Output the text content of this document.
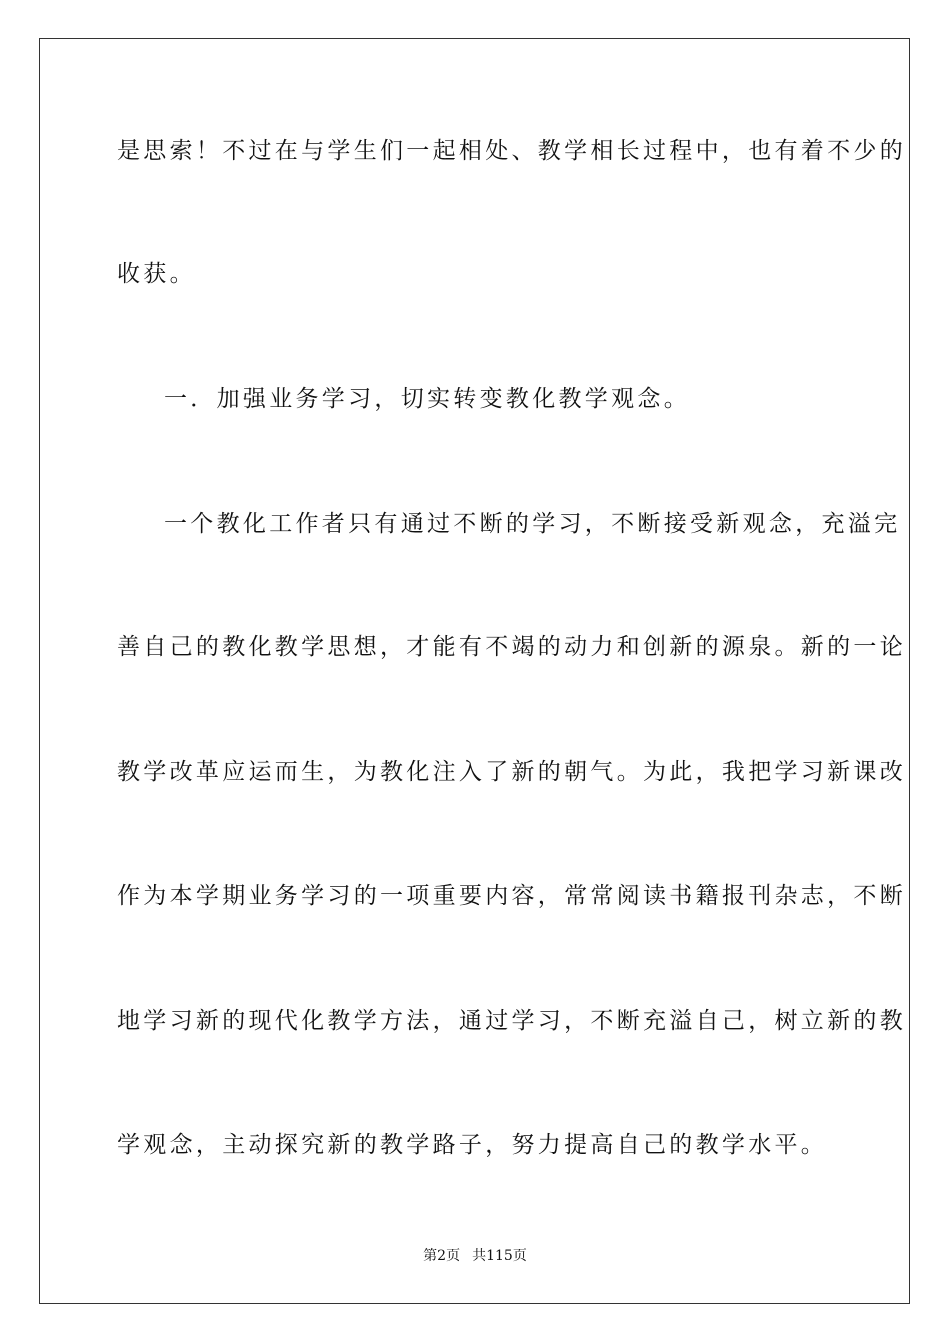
是思索！不过在与学生们一起相处、教学相长过程中，也有着不少的
收获。
一．加强业务学习，切实转变教化教学观念。
一个教化工作者只有通过不断的学习，不断接受新观念，充溢完
善自己的教化教学思想，才能有不竭的动力和创新的源泉。新的一论
教学改革应运而生，为教化注入了新的朝气。为此，我把学习新课改
作为本学期业务学习的一项重要内容，常常阅读书籍报刊杂志，不断
地学习新的现代化教学方法，通过学习，不断充溢自己，树立新的教
学观念，主动探究新的教学路子，努力提高自己的教学水平。
第2页 共115页
